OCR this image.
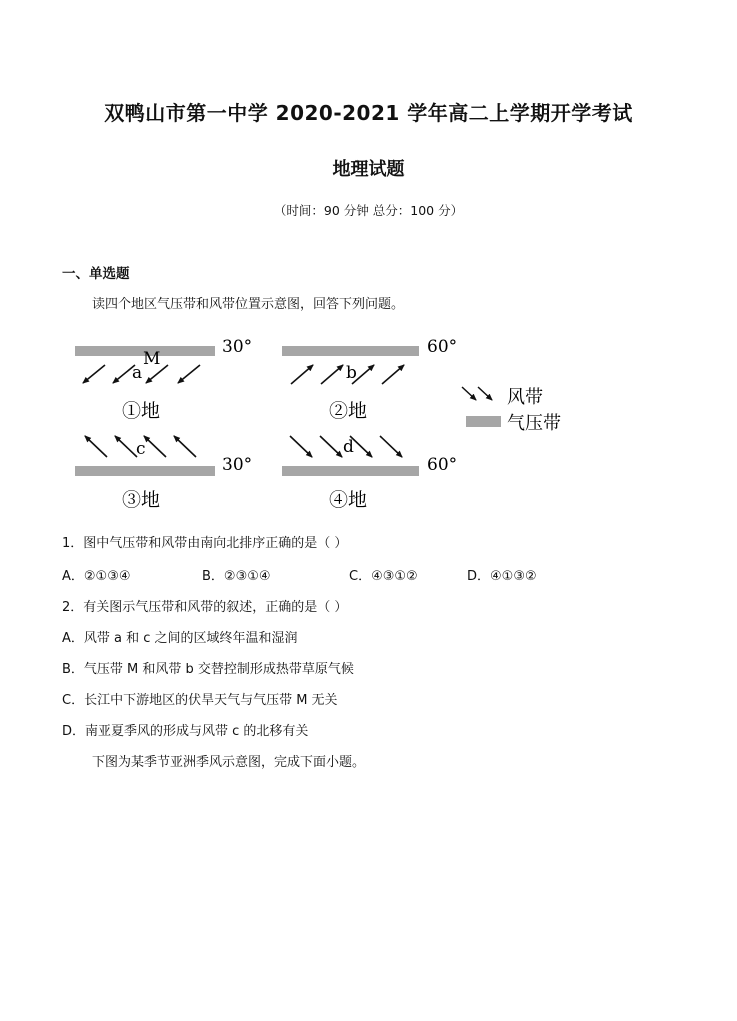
双鸭山市第一中学 2020-2021 学年高二上学期开学考试
地理试题
（时间：90 分钟 总分：100 分）
一、单选题
读四个地区气压带和风带位置示意图，回答下列问题。
M
a
30°
①地
b
60°
②地
c
30°
③地
d
60°
④地
风带
气压带
1．图中气压带和风带由南向北排序正确的是（ ）
A．②①③④	B．②③①④	C．④③①②	D．④①③②
2．有关图示气压带和风带的叙述，正确的是（ ）
A．风带 a 和 c 之间的区域终年温和湿润
B．气压带 M 和风带 b 交替控制形成热带草原气候
C．长江中下游地区的伏旱天气与气压带 M 无关
D．南亚夏季风的形成与风带 c 的北移有关
下图为某季节亚洲季风示意图，完成下面小题。
